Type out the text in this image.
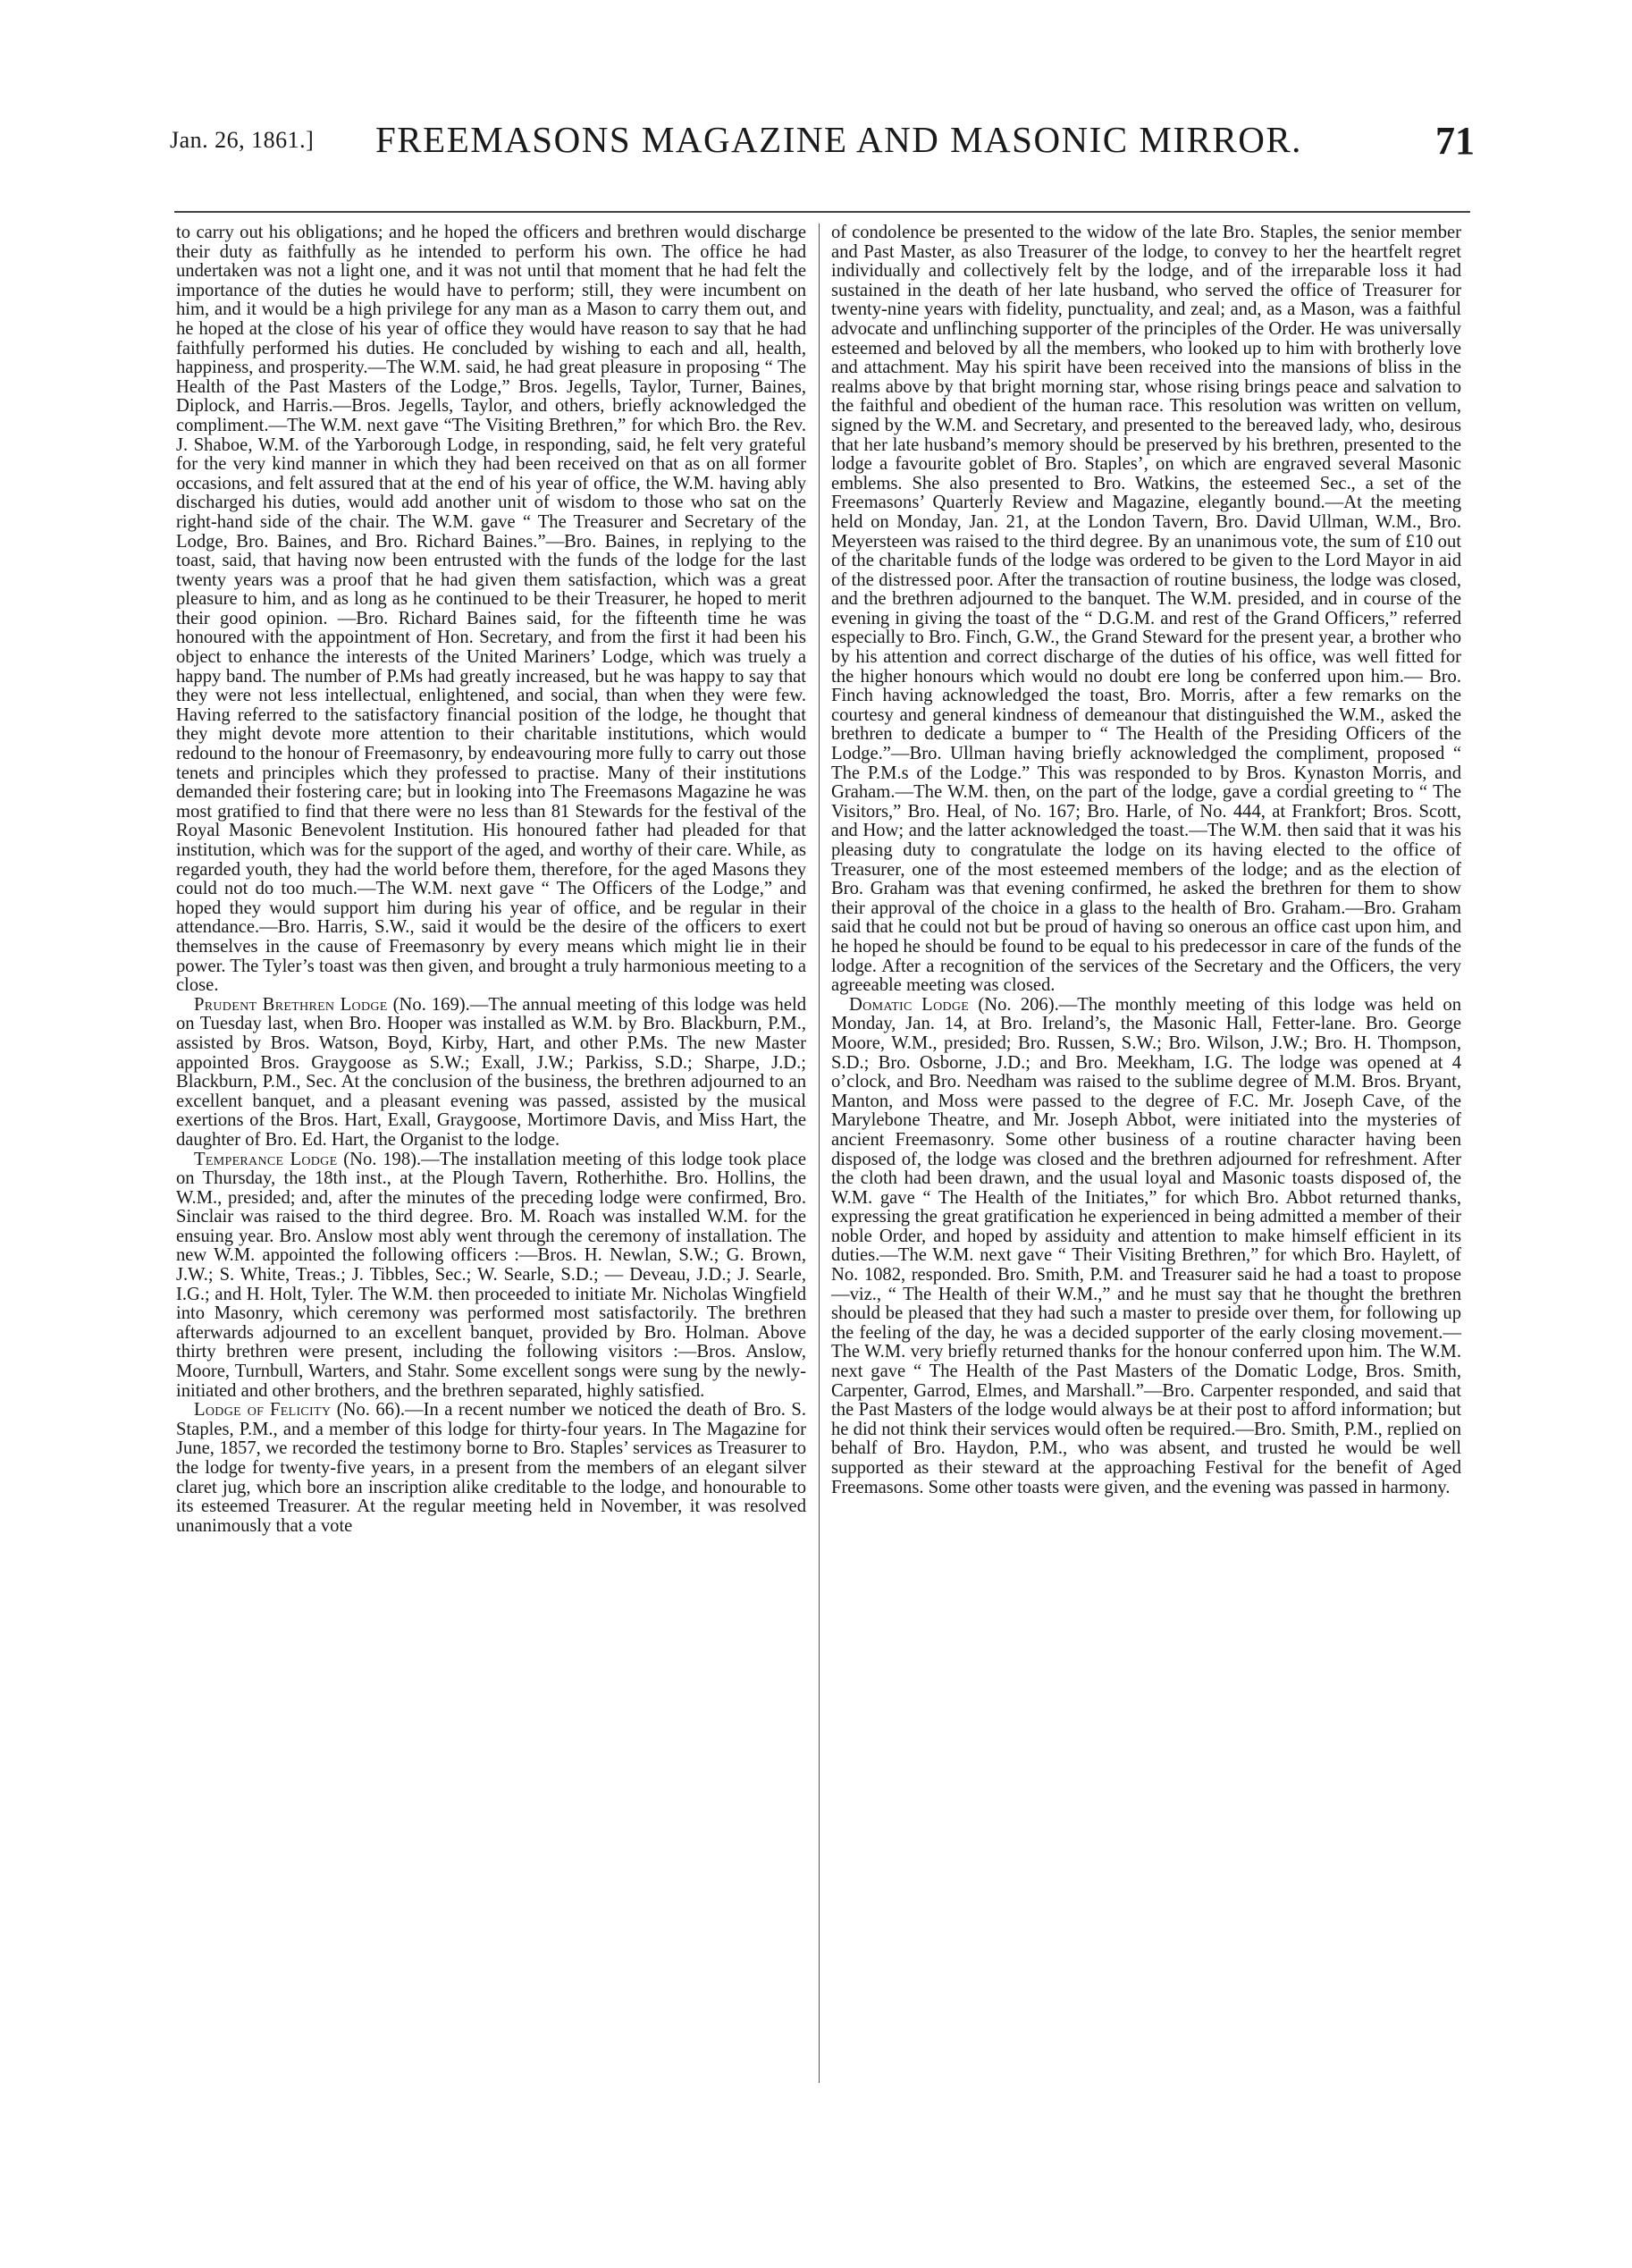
Jan. 26, 1861.] FREEMASONS MAGAZINE AND MASONIC MIRROR.	71

to carry out his obligations; and he hoped the officers and brethren would discharge their duty as faithfully as he intended to perform his own. The office he had undertaken was not a light one, and it was not until that moment that he had felt the importance of the duties he would have to perform; still, they were incumbent on him, and it would be a high privilege for any man as a Mason to carry them out, and he hoped at the close of his year of office they would have reason to say that he had faithfully performed his duties. He concluded by wishing to each and all, health, happiness, and prosperity.—The W.M. said, he had great pleasure in proposing “ The Health of the Past Masters of the Lodge,” Bros. Jegells, Taylor, Turner, Baines, Diplock, and Harris.—Bros. Jegells, Taylor, and others, briefly acknowledged the compliment.—The W.M. next gave “The Visiting Brethren,” for which Bro. the Rev. J. Shaboe, W.M. of the Yarborough Lodge, in responding, said, he felt very grateful for the very kind manner in which they had been received on that as on all former occasions, and felt assured that at the end of his year of office, the W.M. having ably discharged his duties, would add another unit of wisdom to those who sat on the right-hand side of the chair. The W.M. gave “ The Treasurer and Secretary of the Lodge, Bro. Baines, and Bro. Richard Baines.”—Bro. Baines, in replying to the toast, said, that having now been entrusted with the funds of the lodge for the last twenty years was a proof that he had given them satisfaction, which was a great pleasure to him, and as long as he continued to be their Treasurer, he hoped to merit their good opinion. —Bro. Richard Baines said, for the fifteenth time he was honoured with the appointment of Hon. Secretary, and from the first it had been his object to enhance the interests of the United Mariners’ Lodge, which was truely a happy band. The number of P.Ms had greatly increased, but he was happy to say that they were not less intellectual, enlightened, and social, than when they were few. Having referred to the satisfactory financial position of the lodge, he thought that they might devote more attention to their charitable institutions, which would redound to the honour of Freemasonry, by endeavouring more fully to carry out those tenets and principles which they professed to practise. Many of their institutions demanded their fostering care; but in looking into The Freemasons Magazine he was most gratified to find that there were no less than 81 Stewards for the festival of the Royal Masonic Benevolent Institution. His honoured father had pleaded for that institution, which was for the support of the aged, and worthy of their care. While, as regarded youth, they had the world before them, therefore, for the aged Masons they could not do too much.—The W.M. next gave “ The Officers of the Lodge,” and hoped they would support him during his year of office, and be regular in their attendance.—Bro. Harris, S.W., said it would be the desire of the officers to exert themselves in the cause of Freemasonry by every means which might lie in their power. The Tyler’s toast was then given, and brought a truly harmonious meeting to a close.

Prudent Brethren Lodge (No. 169).—The annual meeting of this lodge was held on Tuesday last, when Bro. Hooper was installed as W.M. by Bro. Blackburn, P.M., assisted by Bros. Watson, Boyd, Kirby, Hart, and other P.Ms. The new Master appointed Bros. Graygoose as S.W.; Exall, J.W.; Parkiss, S.D.; Sharpe, J.D.; Blackburn, P.M., Sec. At the conclusion of the business, the brethren adjourned to an excellent banquet, and a pleasant evening was passed, assisted by the musical exertions of the Bros. Hart, Exall, Graygoose, Mortimore Davis, and Miss Hart, the daughter of Bro. Ed. Hart, the Organist to the lodge.

Temperance Lodge (No. 198).—The installation meeting of this lodge took place on Thursday, the 18th inst., at the Plough Tavern, Rotherhithe. Bro. Hollins, the W.M., presided; and, after the minutes of the preceding lodge were confirmed, Bro. Sinclair was raised to the third degree. Bro. M. Roach was installed W.M. for the ensuing year. Bro. Anslow most ably went through the ceremony of installation. The new W.M. appointed the following officers :—Bros. H. Newlan, S.W.; G. Brown, J.W.; S. White, Treas.; J. Tibbles, Sec.; W. Searle, S.D.; — Deveau, J.D.; J. Searle, I.G.; and H. Holt, Tyler. The W.M. then proceeded to initiate Mr. Nicholas Wingfield into Masonry, which ceremony was performed most satisfactorily. The brethren afterwards adjourned to an excellent banquet, provided by Bro. Holman. Above thirty brethren were present, including the following visitors :—Bros. Anslow, Moore, Turnbull, Warters, and Stahr. Some excellent songs were sung by the newly-initiated and other brothers, and the brethren separated, highly satisfied.

Lodge of Felicity (No. 66).—In a recent number we noticed the death of Bro. S. Staples, P.M., and a member of this lodge for thirty-four years. In The Magazine for June, 1857, we recorded the testimony borne to Bro. Staples’ services as Treasurer to the lodge for twenty-five years, in a present from the members of an elegant silver claret jug, which bore an inscription alike creditable to the lodge, and honourable to its esteemed Treasurer. At the regular meeting held in November, it was resolved unanimously that a vote

of condolence be presented to the widow of the late Bro. Staples, the senior member and Past Master, as also Treasurer of the lodge, to convey to her the heartfelt regret individually and collectively felt by the lodge, and of the irreparable loss it had sustained in the death of her late husband, who served the office of Treasurer for twenty-nine years with fidelity, punctuality, and zeal; and, as a Mason, was a faithful advocate and unflinching supporter of the principles of the Order. He was universally esteemed and beloved by all the members, who looked up to him with brotherly love and attachment. May his spirit have been received into the mansions of bliss in the realms above by that bright morning star, whose rising brings peace and salvation to the faithful and obedient of the human race. This resolution was written on vellum, signed by the W.M. and Secretary, and presented to the bereaved lady, who, desirous that her late husband’s memory should be preserved by his brethren, presented to the lodge a favourite goblet of Bro. Staples’, on which are engraved several Masonic emblems. She also presented to Bro. Watkins, the esteemed Sec., a set of the Freemasons’ Quarterly Review and Magazine, elegantly bound.—At the meeting held on Monday, Jan. 21, at the London Tavern, Bro. David Ullman, W.M., Bro. Meyersteen was raised to the third degree. By an unanimous vote, the sum of £10 out of the charitable funds of the lodge was ordered to be given to the Lord Mayor in aid of the distressed poor. After the transaction of routine business, the lodge was closed, and the brethren adjourned to the banquet. The W.M. presided, and in course of the evening in giving the toast of the “ D.G.M. and rest of the Grand Officers,” referred especially to Bro. Finch, G.W., the Grand Steward for the present year, a brother who by his attention and correct discharge of the duties of his office, was well fitted for the higher honours which would no doubt ere long be conferred upon him.— Bro. Finch having acknowledged the toast, Bro. Morris, after a few remarks on the courtesy and general kindness of demeanour that distinguished the W.M., asked the brethren to dedicate a bumper to “ The Health of the Presiding Officers of the Lodge.”—Bro. Ullman having briefly acknowledged the compliment, proposed “ The P.M.s of the Lodge.” This was responded to by Bros. Kynaston Morris, and Graham.—The W.M. then, on the part of the lodge, gave a cordial greeting to “ The Visitors,” Bro. Heal, of No. 167; Bro. Harle, of No. 444, at Frankfort; Bros. Scott, and How; and the latter acknowledged the toast.—The W.M. then said that it was his pleasing duty to congratulate the lodge on its having elected to the office of Treasurer, one of the most esteemed members of the lodge; and as the election of Bro. Graham was that evening confirmed, he asked the brethren for them to show their approval of the choice in a glass to the health of Bro. Graham.—Bro. Graham said that he could not but be proud of having so onerous an office cast upon him, and he hoped he should be found to be equal to his predecessor in care of the funds of the lodge. After a recognition of the services of the Secretary and the Officers, the very agreeable meeting was closed.

Domatic Lodge (No. 206).—The monthly meeting of this lodge was held on Monday, Jan. 14, at Bro. Ireland’s, the Masonic Hall, Fetter-lane. Bro. George Moore, W.M., presided; Bro. Russen, S.W.; Bro. Wilson, J.W.; Bro. H. Thompson, S.D.; Bro. Osborne, J.D.; and Bro. Meekham, I.G. The lodge was opened at 4 o’clock, and Bro. Needham was raised to the sublime degree of M.M. Bros. Bryant, Manton, and Moss were passed to the degree of F.C. Mr. Joseph Cave, of the Marylebone Theatre, and Mr. Joseph Abbot, were initiated into the mysteries of ancient Freemasonry. Some other business of a routine character having been disposed of, the lodge was closed and the brethren adjourned for refreshment. After the cloth had been drawn, and the usual loyal and Masonic toasts disposed of, the W.M. gave “ The Health of the Initiates,” for which Bro. Abbot returned thanks, expressing the great gratification he experienced in being admitted a member of their noble Order, and hoped by assiduity and attention to make himself efficient in its duties.—The W.M. next gave “ Their Visiting Brethren,” for which Bro. Haylett, of No. 1082, responded. Bro. Smith, P.M. and Treasurer said he had a toast to propose—viz., “ The Health of their W.M.,” and he must say that he thought the brethren should be pleased that they had such a master to preside over them, for following up the feeling of the day, he was a decided supporter of the early closing movement.—The W.M. very briefly returned thanks for the honour conferred upon him. The W.M. next gave “ The Health of the Past Masters of the Domatic Lodge, Bros. Smith, Carpenter, Garrod, Elmes, and Marshall.”—Bro. Carpenter responded, and said that the Past Masters of the lodge would always be at their post to afford information; but he did not think their services would often be required.—Bro. Smith, P.M., replied on behalf of Bro. Haydon, P.M., who was absent, and trusted he would be well supported as their steward at the approaching Festival for the benefit of Aged Freemasons. Some other toasts were given, and the evening was passed in harmony.
